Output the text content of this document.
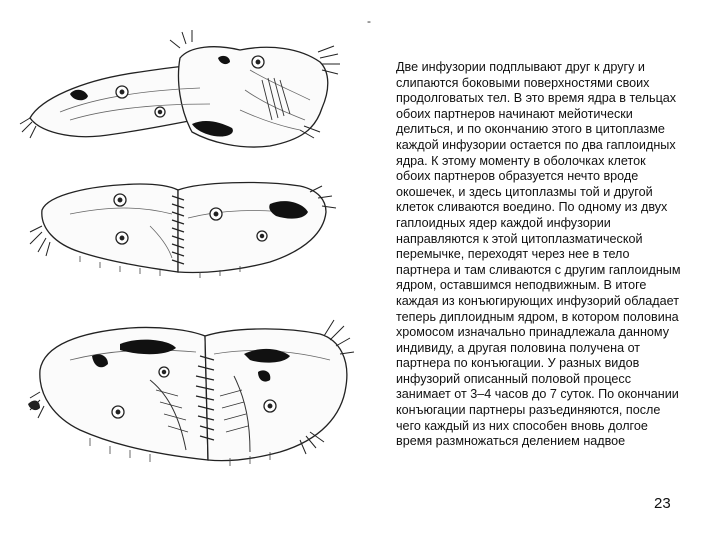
-
Две инфузории подплывают друг к другу и
слипаются боковыми поверхностями своих
продолговатых тел. В это время ядра в тельцах
обоих партнеров начинают мейотически
делиться, и по окончанию этого в цитоплазме
каждой инфузории остается по два гаплоидных
ядра. К этому моменту в оболочках клеток
обоих партнеров образуется нечто вроде
окошечек, и здесь цитоплазмы той и другой
клеток сливаются воедино. По одному из двух
гаплоидных ядер каждой инфузории
направляются к этой цитоплазматической
перемычке, переходят через нее в тело
партнера и там сливаются с другим гаплоидным
ядром, оставшимся неподвижным. В итоге
каждая из конъюгирующих инфузорий обладает
теперь диплоидным ядром, в котором половина
хромосом изначально принадлежала данному
индивиду, а другая половина получена от
партнера по конъюгации. У разных видов
инфузорий описанный половой процесс
занимает от 3–4 часов до 7 суток. По окончании
конъюгации партнеры разъединяются, после
чего каждый из них способен вновь долгое
время размножаться делением надвое
23
